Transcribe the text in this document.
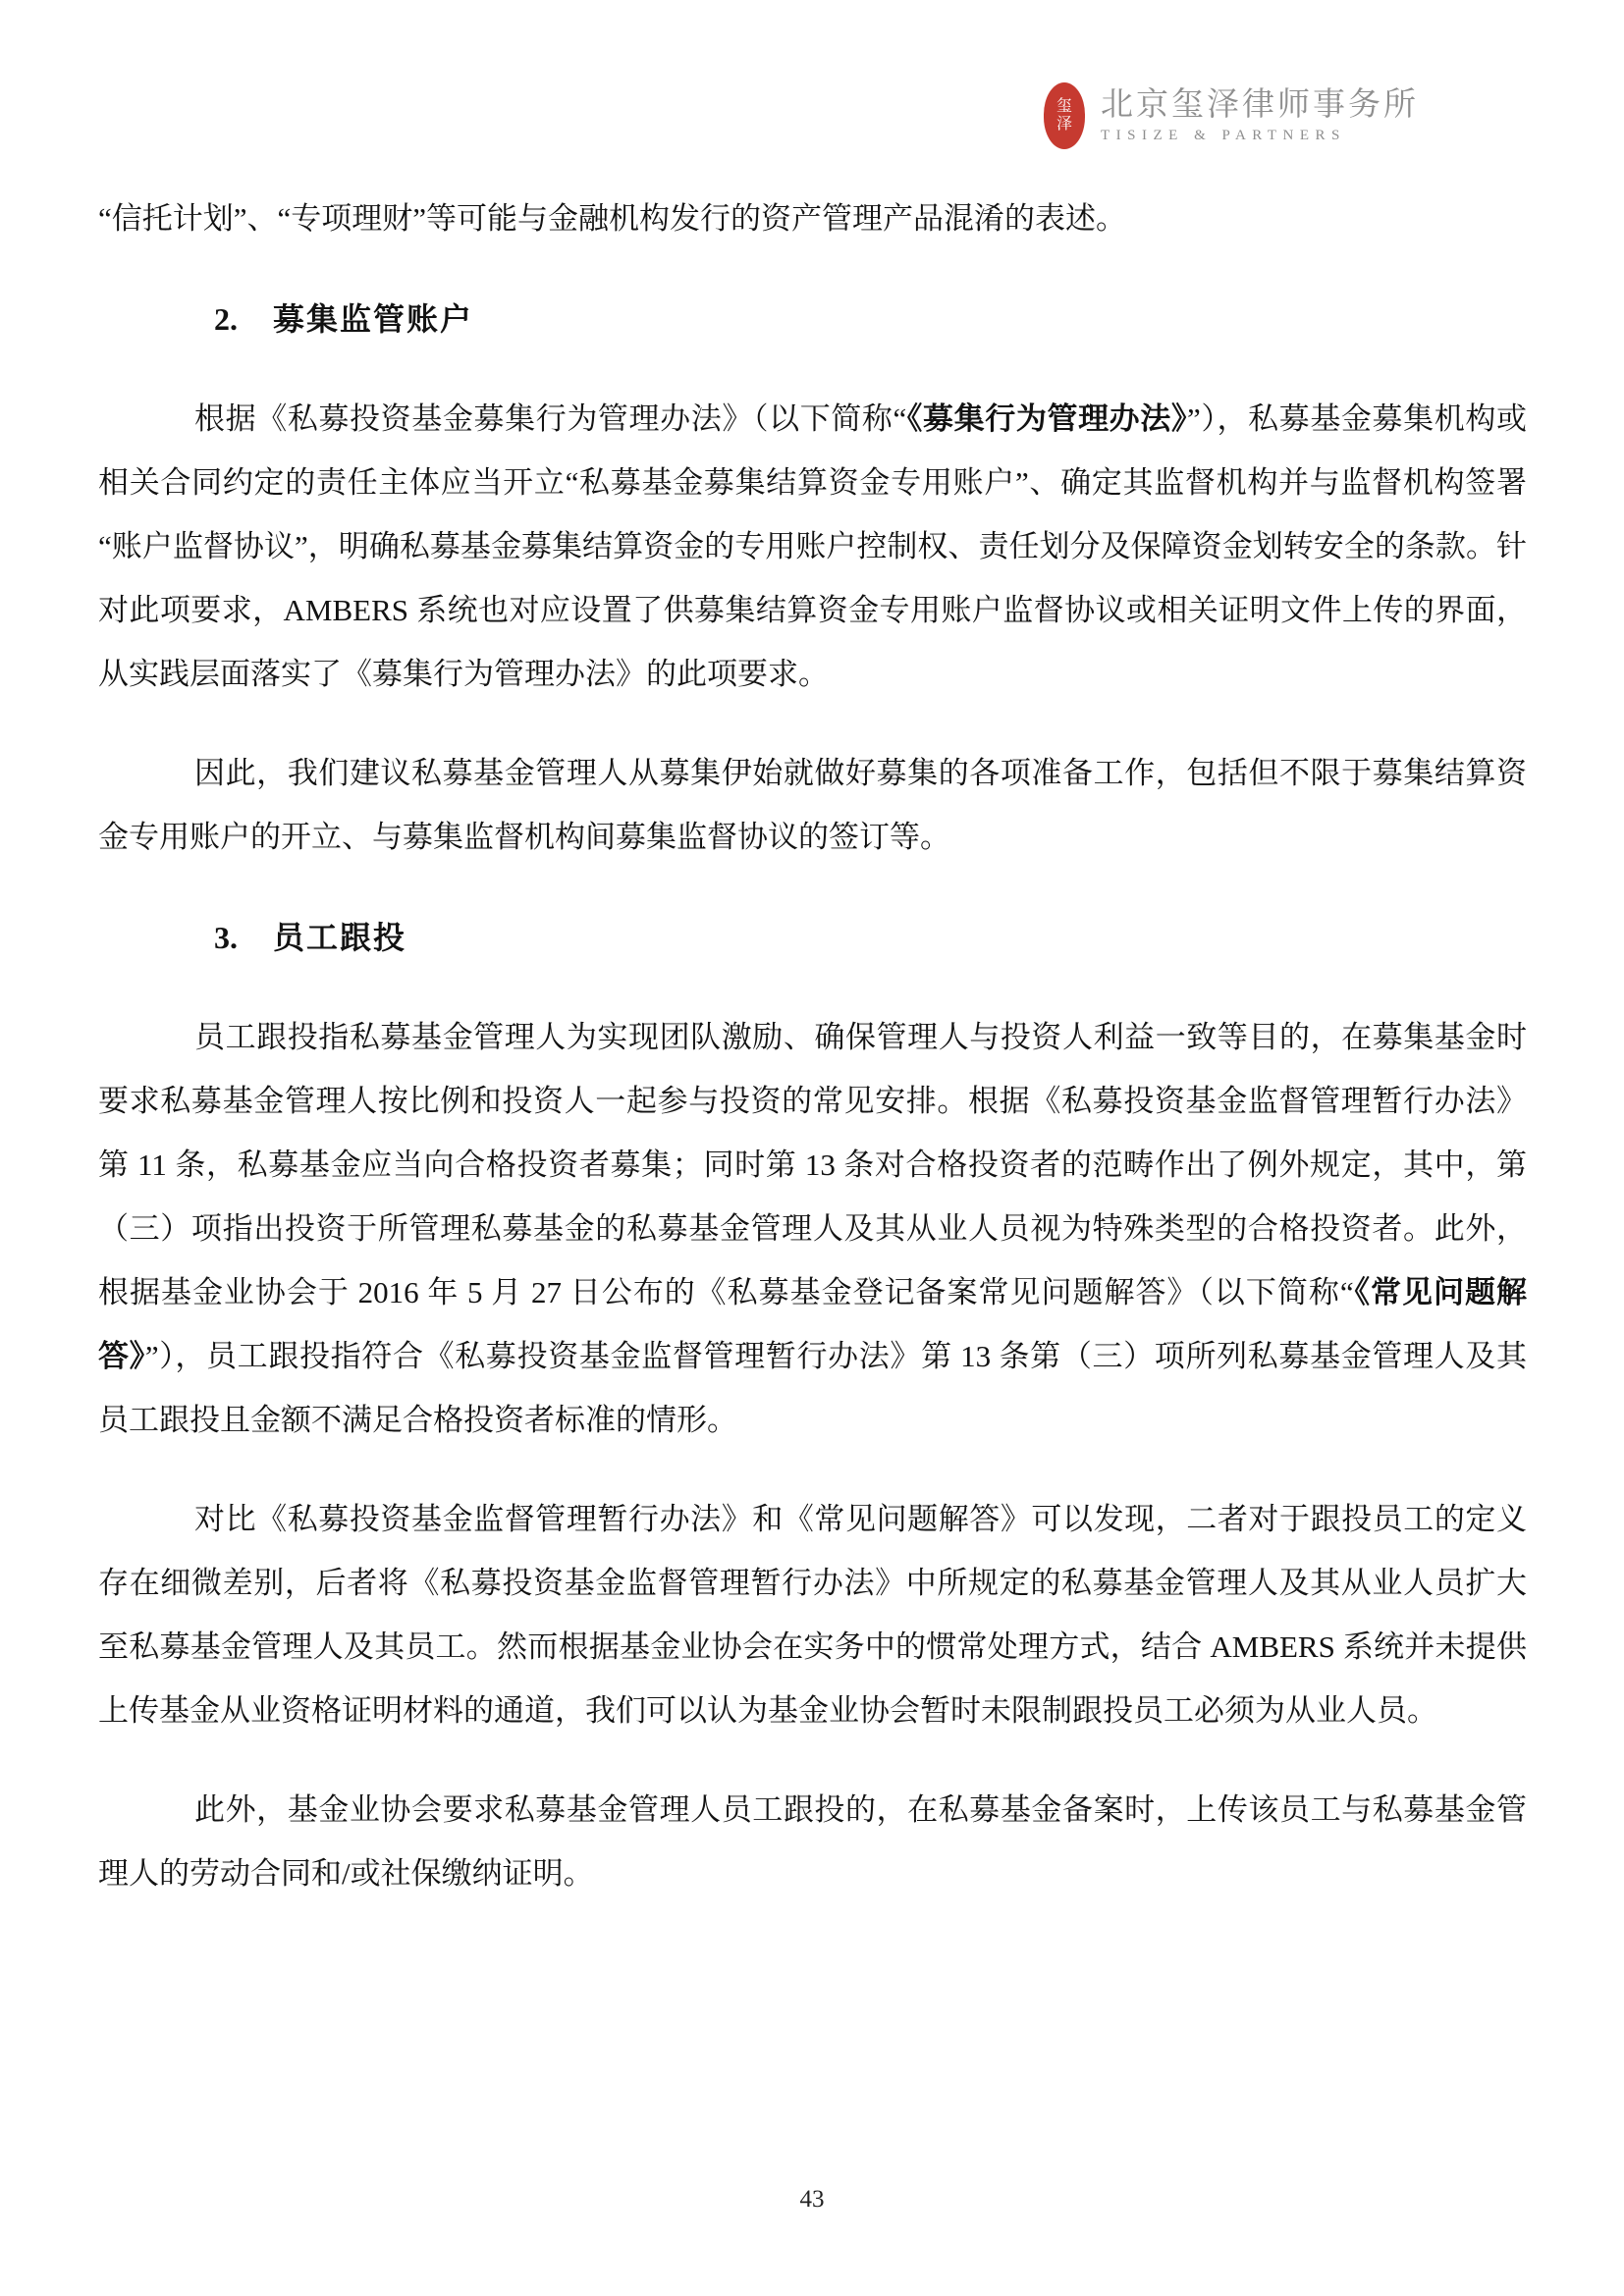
玺泽
北京玺泽律师事务所
TISIZE & PARTNERS

“信托计划”、“专项理财”等可能与金融机构发行的资产管理产品混淆的表述。

2. 募集监管账户

根据《私募投资基金募集行为管理办法》（以下简称“《募集行为管理办法》”），私募基金募集机构或相关合同约定的责任主体应当开立“私募基金募集结算资金专用账户”、确定其监督机构并与监督机构签署“账户监督协议”，明确私募基金募集结算资金的专用账户控制权、责任划分及保障资金划转安全的条款。针对此项要求，AMBERS 系统也对应设置了供募集结算资金专用账户监督协议或相关证明文件上传的界面，从实践层面落实了《募集行为管理办法》的此项要求。

因此，我们建议私募基金管理人从募集伊始就做好募集的各项准备工作，包括但不限于募集结算资金专用账户的开立、与募集监督机构间募集监督协议的签订等。

3. 员工跟投

员工跟投指私募基金管理人为实现团队激励、确保管理人与投资人利益一致等目的，在募集基金时要求私募基金管理人按比例和投资人一起参与投资的常见安排。根据《私募投资基金监督管理暂行办法》第 11 条，私募基金应当向合格投资者募集；同时第 13 条对合格投资者的范畴作出了例外规定，其中，第（三）项指出投资于所管理私募基金的私募基金管理人及其从业人员视为特殊类型的合格投资者。此外，根据基金业协会于 2016 年 5 月 27 日公布的《私募基金登记备案常见问题解答》（以下简称“《常见问题解答》”），员工跟投指符合《私募投资基金监督管理暂行办法》第 13 条第（三）项所列私募基金管理人及其员工跟投且金额不满足合格投资者标准的情形。

对比《私募投资基金监督管理暂行办法》和《常见问题解答》可以发现，二者对于跟投员工的定义存在细微差别，后者将《私募投资基金监督管理暂行办法》中所规定的私募基金管理人及其从业人员扩大至私募基金管理人及其员工。然而根据基金业协会在实务中的惯常处理方式，结合 AMBERS 系统并未提供上传基金从业资格证明材料的通道，我们可以认为基金业协会暂时未限制跟投员工必须为从业人员。

此外，基金业协会要求私募基金管理人员工跟投的，在私募基金备案时，上传该员工与私募基金管理人的劳动合同和/或社保缴纳证明。

43
